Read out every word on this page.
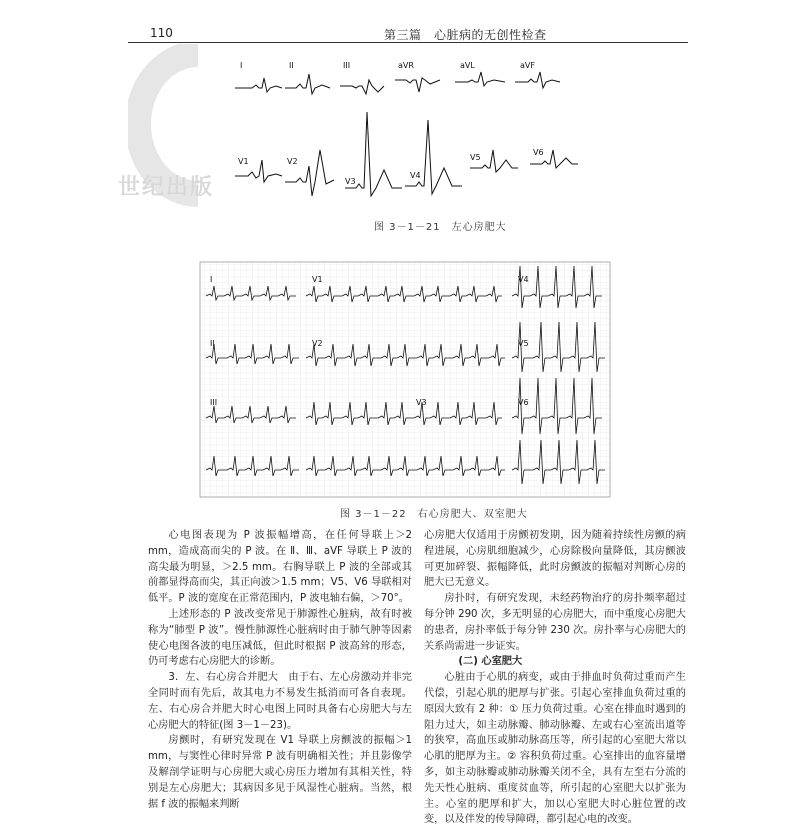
110	第三篇　心脏病的无创性检查
世纪出版
I	II	III	aVR	aVL	aVF
V1	V2
V3
V4
V5
V6
I
II
III
V1
V2
V3
V4
V5
V6
图 3－1－21　左心房肥大
图 3－1－22　右心房肥大、双室肥大

心电图表现为 P 波振幅增高，在任何导联上＞2 mm，造成高而尖的 P 波。在 Ⅱ、Ⅲ、aVF 导联上 P 波的高尖最为明显，＞2.5 mm。右胸导联上 P 波的全部或其前都显得高而尖，其正向波＞1.5 mm；V5、V6 导联相对低平。P 波的宽度在正常范围内，P 波电轴右偏，＞70°。

上述形态的 P 波改变常见于肺源性心脏病，故有时被称为“肺型 P 波”。慢性肺源性心脏病时由于肺气肿等因素使心电图各波的电压减低，但此时根据 P 波高耸的形态，仍可考虑右心房肥大的诊断。

3．左、右心房合并肥大　由于右、左心房激动并非完全同时而有先后，故其电力不易发生抵消而可各自表现。左、右心房合并肥大时心电图上同时具备右心房肥大与左心房肥大的特征(图 3－1－23)。

房颤时，有研究发现在 V1 导联上房颤波的振幅＞1 mm，与窦性心律时异常 P 波有明确相关性；并且影像学及解剖学证明与心房肥大或心房压力增加有其相关性，特别是左心房肥大；其病因多见于风湿性心脏病。当然，根据 f 波的振幅来判断

心房肥大仅适用于房颤初发期，因为随着持续性房颤的病程进展，心房肌细胞减少，心房除极向量降低，其房颤波可更加碎裂、振幅降低，此时房颤波的振幅对判断心房的肥大已无意义。

房扑时，有研究发现，未经药物治疗的房扑频率超过每分钟 290 次，多无明显的心房肥大，而中重度心房肥大的患者，房扑率低于每分钟 230 次。房扑率与心房肥大的关系尚需进一步证实。

(二) 心室肥大

心脏由于心肌的病变，或由于排血时负荷过重而产生代偿，引起心肌的肥厚与扩张。引起心室排血负荷过重的原因大致有 2 种：① 压力负荷过重。心室在排血时遇到的阻力过大，如主动脉瓣、肺动脉瓣、左或右心室流出道等的狭窄，高血压或肺动脉高压等，所引起的心室肥大常以心肌的肥厚为主。② 容积负荷过重。心室排出的血容量增多，如主动脉瓣或肺动脉瓣关闭不全，具有左至右分流的先天性心脏病、重度贫血等，所引起的心室肥大以扩张为主。心室的肥厚和扩大，加以心室肥大时心脏位置的改变，以及伴发的传导障碍，都引起心电的改变。
